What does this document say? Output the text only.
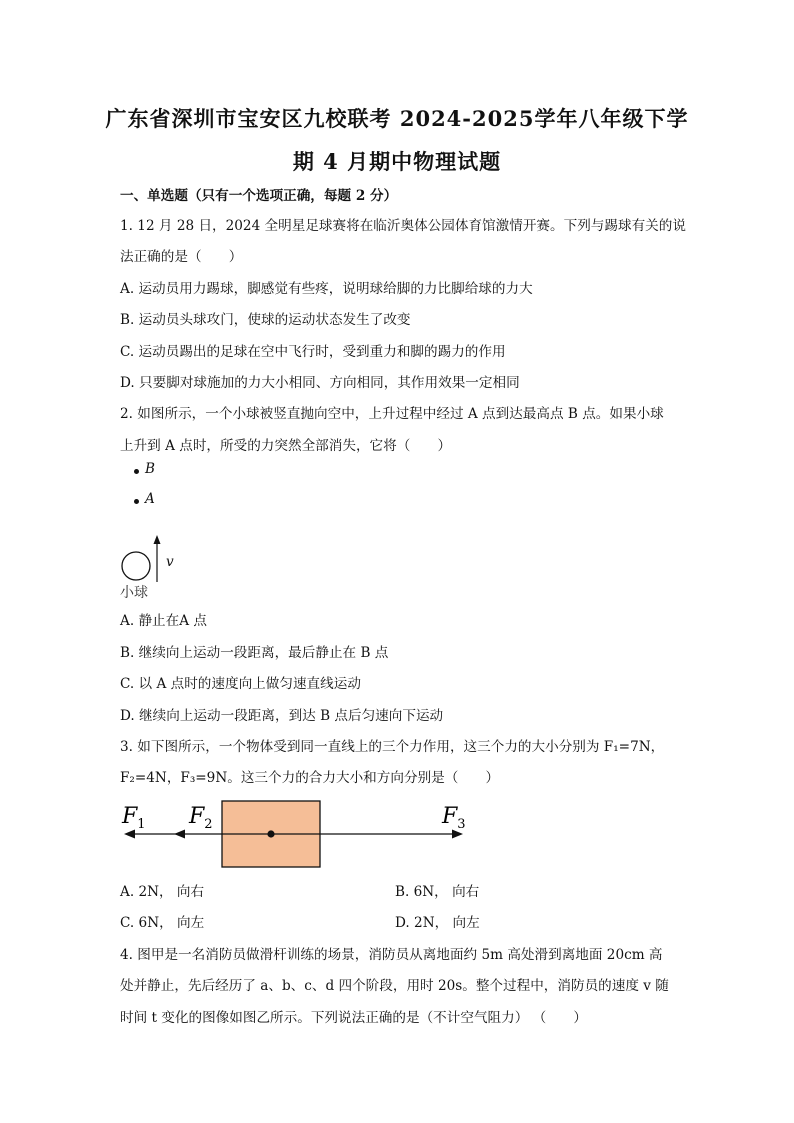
广东省深圳市宝安区九校联考 2024-2025学年八年级下学
期 4 月期中物理试题
一、单选题（只有一个选项正确，每题 2 分）
1. 12 月 28 日，2024 全明星足球赛将在临沂奥体公园体育馆激情开赛。下列与踢球有关的说
法正确的是（　　）
A. 运动员用力踢球，脚感觉有些疼，说明球给脚的力比脚给球的力大
B. 运动员头球攻门，使球的运动状态发生了改变
C. 运动员踢出的足球在空中飞行时，受到重力和脚的踢力的作用
D. 只要脚对球施加的力大小相同、方向相同，其作用效果一定相同
2. 如图所示，一个小球被竖直抛向空中，上升过程中经过 A 点到达最高点 B 点。如果小球
上升到 A 点时，所受的力突然全部消失，它将（　　）
B
A
v
小球
A. 静止在A 点
B. 继续向上运动一段距离，最后静止在 B 点
C. 以 A 点时的速度向上做匀速直线运动
D. 继续向上运动一段距离，到达 B 点后匀速向下运动
3. 如下图所示，一个物体受到同一直线上的三个力作用，这三个力的大小分别为 F₁=7N，
F₂=4N，F₃=9N。这三个力的合力大小和方向分别是（　　）
$F_1$ $F_2$	$F_3$
A. 2N， 向右	B. 6N， 向右
C. 6N， 向左	D. 2N， 向左
4. 图甲是一名消防员做滑杆训练的场景，消防员从离地面约 5m 高处滑到离地面 20cm 高
处并静止，先后经历了 a、b、c、d 四个阶段，用时 20s。整个过程中，消防员的速度 v 随
时间 t 变化的图像如图乙所示。下列说法正确的是（不计空气阻力） （　　）
